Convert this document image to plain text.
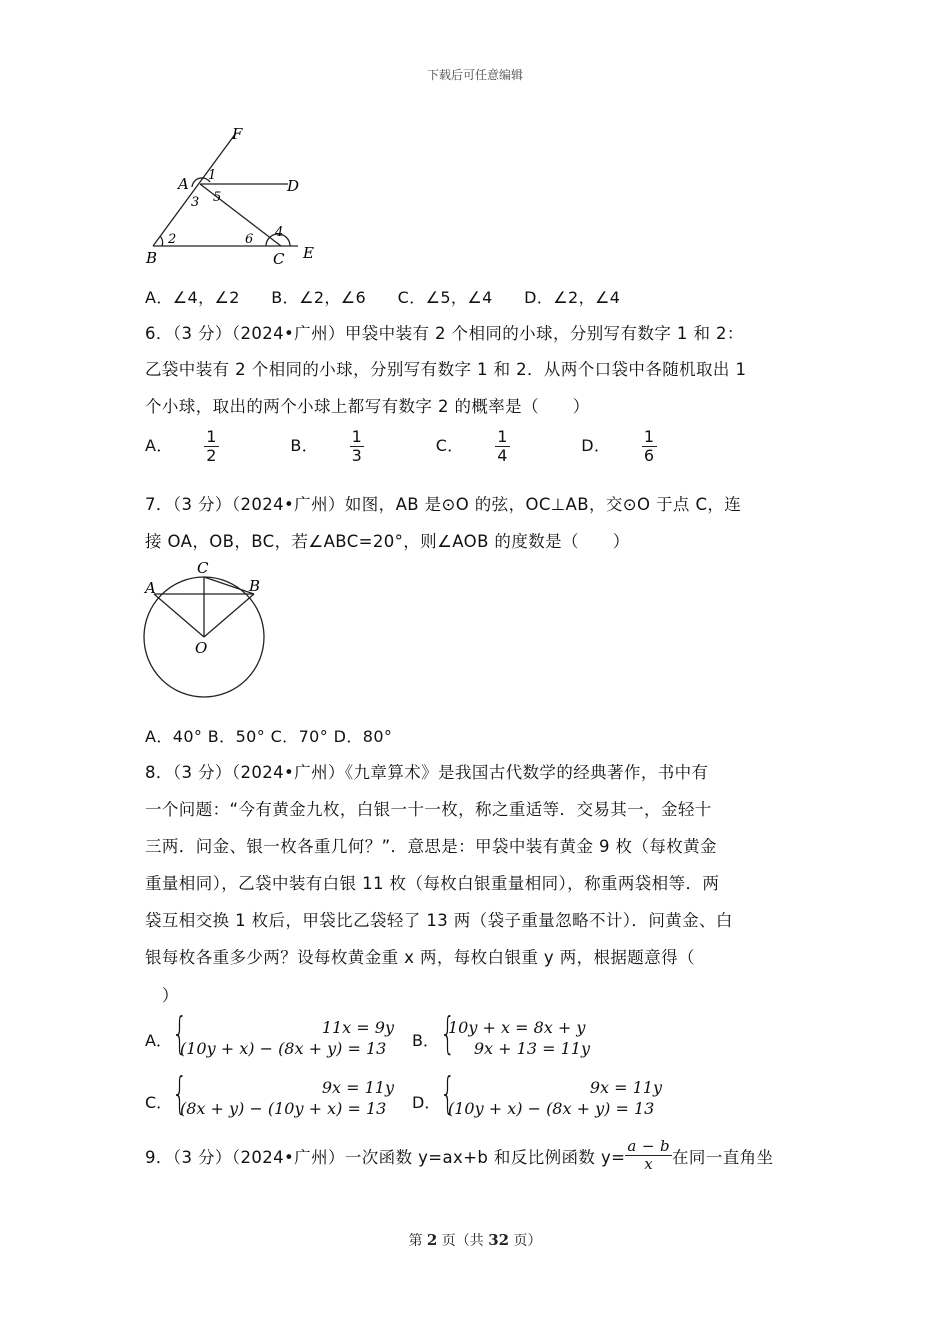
下载后可任意编辑
F
A	D
B	C E
1
3 5
2	6 4
A．∠4，∠2 B．∠2，∠6 C．∠5，∠4 D．∠2，∠4
6．（3 分）（2024•广州）甲袋中装有 2 个相同的小球，分别写有数字 1 和 2：
乙袋中装有 2 个相同的小球，分别写有数字 1 和 2．从两个口袋中各随机取出 1
个小球，取出的两个小球上都写有数字 2 的概率是（　　）
A． $\frac{1}{2}$	B． $\frac{1}{3}$	C． $\frac{1}{4}$	D． $\frac{1}{6}$
7．（3 分）（2024•广州）如图，AB 是⊙O 的弦，OC⊥AB，交⊙O 于点 C，连
接 OA，OB，BC，若∠ABC=20°，则∠AOB 的度数是（　　）
A	B
C
O
A．40° B．50° C．70° D．80°
8．（3 分）（2024•广州）《九章算术》是我国古代数学的经典著作，书中有
一个问题：“今有黄金九枚，白银一十一枚，称之重适等．交易其一，金轻十
三两．问金、银一枚各重几何？”．意思是：甲袋中装有黄金 9 枚（每枚黄金
重量相同），乙袋中装有白银 11 枚（每枚白银重量相同），称重两袋相等．两
袋互相交换 1 枚后，甲袋比乙袋轻了 13 两（袋子重量忽略不计）．问黄金、白
银每枚各重多少两？设每枚黄金重 x 两，每枚白银重 y 两，根据题意得（
　）
A． {	11x = 9y
(10y + x) − (8x + y) = 13 B． {
10y + x = 8x + y
9x + 13 = 11y
C． {	9x = 11y
(8x + y) − (10y + x) = 13 D． {	9x = 11y
(10y + x) − (8x + y) = 13
9．（3 分）（2024•广州）一次函数 y=ax+b 和反比例函数 $y= \frac{a - b}{x}$ 在同一直角坐
第 2 页（共 32 页）
